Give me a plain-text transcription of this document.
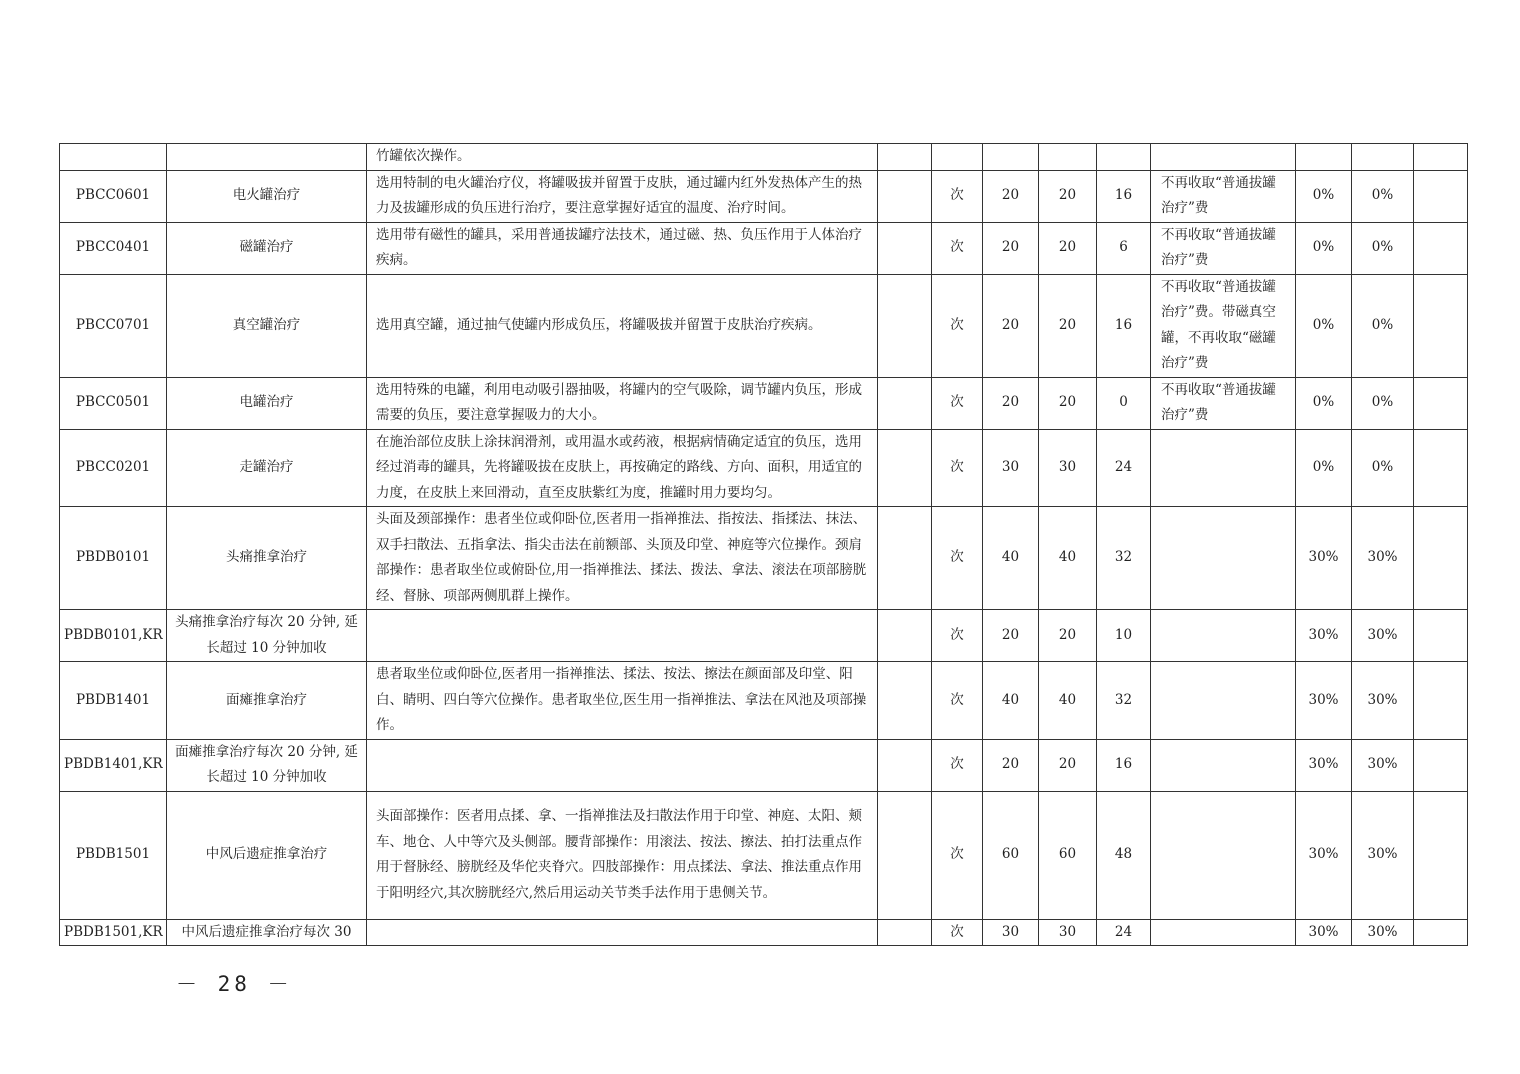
		竹罐依次操作。									
PBCC0601	电火罐治疗	选用特制的电火罐治疗仪，将罐吸拔并留置于皮肤，通过罐内红外发热体产生的热力及拔罐形成的负压进行治疗，要注意掌握好适宜的温度、治疗时间。		次	20	20	16	不再收取“普通拔罐治疗”费	0%	0%	
PBCC0401	磁罐治疗	选用带有磁性的罐具，采用普通拔罐疗法技术，通过磁、热、负压作用于人体治疗疾病。		次	20	20	6	不再收取“普通拔罐治疗”费	0%	0%	
PBCC0701	真空罐治疗	选用真空罐，通过抽气使罐内形成负压，将罐吸拔并留置于皮肤治疗疾病。		次	20	20	16	不再收取“普通拔罐治疗”费。带磁真空罐，不再收取“磁罐治疗”费	0%	0%	
PBCC0501	电罐治疗	选用特殊的电罐，利用电动吸引器抽吸，将罐内的空气吸除，调节罐内负压，形成需要的负压，要注意掌握吸力的大小。		次	20	20	0	不再收取“普通拔罐治疗”费	0%	0%	
PBCC0201	走罐治疗	在施治部位皮肤上涂抹润滑剂，或用温水或药液，根据病情确定适宜的负压，选用经过消毒的罐具，先将罐吸拔在皮肤上，再按确定的路线、方向、面积，用适宜的力度，在皮肤上来回滑动，直至皮肤紫红为度，推罐时用力要均匀。		次	30	30	24		0%	0%	
PBDB0101	头痛推拿治疗	头面及颈部操作：患者坐位或仰卧位,医者用一指禅推法、指按法、指揉法、抹法、双手扫散法、五指拿法、指尖击法在前额部、头顶及印堂、神庭等穴位操作。颈肩部操作：患者取坐位或俯卧位,用一指禅推法、揉法、拨法、拿法、滚法在项部膀胱经、督脉、项部两侧肌群上操作。		次	40	40	32		30%	30%	
PBDB0101,KR	头痛推拿治疗每次 20 分钟, 延长超过 10 分钟加收			次	20	20	10		30%	30%	
PBDB1401	面瘫推拿治疗	患者取坐位或仰卧位,医者用一指禅推法、揉法、按法、擦法在颜面部及印堂、阳白、睛明、四白等穴位操作。患者取坐位,医生用一指禅推法、拿法在风池及项部操作。		次	40	40	32		30%	30%	
PBDB1401,KR	面瘫推拿治疗每次 20 分钟, 延长超过 10 分钟加收			次	20	20	16		30%	30%	
PBDB1501	中风后遗症推拿治疗	头面部操作：医者用点揉、拿、一指禅推法及扫散法作用于印堂、神庭、太阳、颊车、地仓、人中等穴及头侧部。腰背部操作：用滚法、按法、擦法、拍打法重点作用于督脉经、膀胱经及华佗夹脊穴。四肢部操作：用点揉法、拿法、推法重点作用于阳明经穴,其次膀胱经穴,然后用运动关节类手法作用于患侧关节。		次	60	60	48		30%	30%	
PBDB1501,KR	中风后遗症推拿治疗每次 30			次	30	30	24		30%	30%	
－ 28 －
